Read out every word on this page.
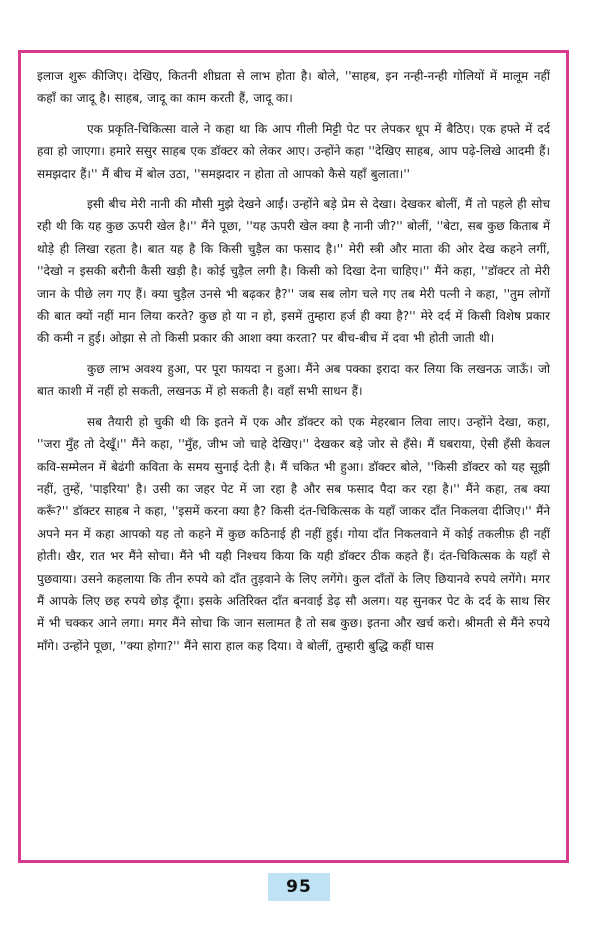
इलाज शुरू कीजिए। देखिए, कितनी शीघ्रता से लाभ होता है। बोले, ''साहब, इन नन्ही-नन्ही गोलियों में मालूम नहीं कहाँ का जादू है। साहब, जादू का काम करती हैं, जादू का।

एक प्रकृति-चिकित्सा वाले ने कहा था कि आप गीली मिट्टी पेट पर लेपकर धूप में बैठिए। एक हफ्ते में दर्द हवा हो जाएगा। हमारे ससुर साहब एक डॉक्टर को लेकर आए। उन्होंने कहा ''देखिए साहब, आप पढ़े-लिखे आदमी हैं। समझदार हैं।'' मैं बीच में बोल उठा, ''समझदार न होता तो आपको कैसे यहाँ बुलाता।''

इसी बीच मेरी नानी की मौसी मुझे देखने आईं। उन्होंने बड़े प्रेम से देखा। देखकर बोलीं, मैं तो पहले ही सोच रही थी कि यह कुछ ऊपरी खेल है।'' मैंने पूछा, ''यह ऊपरी खेल क्या है नानी जी?'' बोलीं, ''बेटा, सब कुछ किताब में थोड़े ही लिखा रहता है। बात यह है कि किसी चुड़ैल का फसाद है।'' मेरी स्त्री और माता की ओर देख कहने लगीं, ''देखो न इसकी बरौनी कैसी खड़ी है। कोई चुड़ैल लगी है। किसी को दिखा देना चाहिए।'' मैंने कहा, ''डॉक्टर तो मेरी जान के पीछे लग गए हैं। क्या चुड़ैल उनसे भी बढ़कर है?'' जब सब लोग चले गए तब मेरी पत्नी ने कहा, ''तुम लोगों की बात क्यों नहीं मान लिया करते? कुछ हो या न हो, इसमें तुम्हारा हर्ज ही क्या है?'' मेरे दर्द में किसी विशेष प्रकार की कमी न हुई। ओझा से तो किसी प्रकार की आशा क्या करता? पर बीच-बीच में दवा भी होती जाती थी।

कुछ लाभ अवश्य हुआ, पर पूरा फायदा न हुआ। मैंने अब पक्का इरादा कर लिया कि लखनऊ जाऊँ। जो बात काशी में नहीं हो सकती, लखनऊ में हो सकती है। वहाँ सभी साधन हैं।

सब तैयारी हो चुकी थी कि इतने में एक और डॉक्टर को एक मेहरबान लिवा लाए। उन्होंने देखा, कहा, ''जरा मुँह तो देखूँ।'' मैंने कहा, ''मुँह, जीभ जो चाहे देखिए।'' देखकर बड़े जोर से हँसे। मैं घबराया, ऐसी हँसी केवल कवि-सम्मेलन में बेढंगी कविता के समय सुनाई देती है। मैं चकित भी हुआ। डॉक्टर बोले, ''किसी डॉक्टर को यह सूझी नहीं, तुम्हें, 'पाइरिया' है। उसी का जहर पेट में जा रहा है और सब फसाद पैदा कर रहा है।'' मैंने कहा, तब क्या करूँ?'' डॉक्टर साहब ने कहा, ''इसमें करना क्या है? किसी दंत-चिकित्सक के यहाँ जाकर दाँत निकलवा दीजिए।'' मैंने अपने मन में कहा आपको यह तो कहने में कुछ कठिनाई ही नहीं हुई। गोया दाँत निकलवाने में कोई तकलीफ़ ही नहीं होती। खैर, रात भर मैंने सोचा। मैंने भी यही निश्चय किया कि यही डॉक्टर ठीक कहते हैं। दंत-चिकित्सक के यहाँ से पुछवाया। उसने कहलाया कि तीन रुपये को दाँत तुड़वाने के लिए लगेंगे। कुल दाँतों के लिए छियानवे रुपये लगेंगे। मगर मैं आपके लिए छह रुपये छोड़ दूँगा। इसके अतिरिक्त दाँत बनवाई डेढ़ सौ अलग। यह सुनकर पेट के दर्द के साथ सिर में भी चक्कर आने लगा। मगर मैंने सोचा कि जान सलामत है तो सब कुछ। इतना और खर्च करो। श्रीमती से मैंने रुपये माँगे। उन्होंने पूछा, ''क्या होगा?'' मैंने सारा हाल कह दिया। वे बोलीं, तुम्हारी बुद्धि कहीं घास

95
